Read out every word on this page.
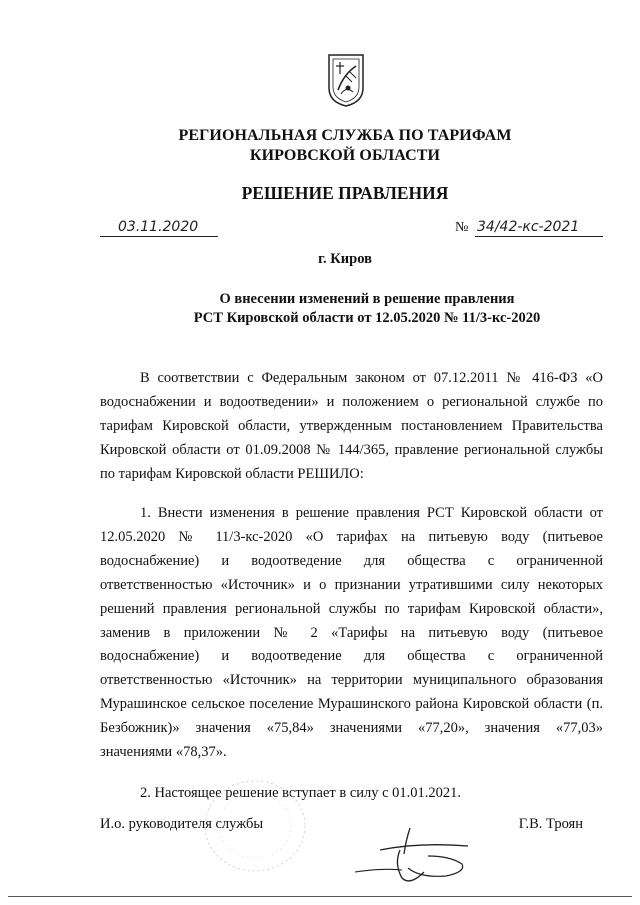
РЕГИОНАЛЬНАЯ СЛУЖБА ПО ТАРИФАМ
КИРОВСКОЙ ОБЛАСТИ
РЕШЕНИЕ ПРАВЛЕНИЯ
03.11.2020	№ 34/42-кс-2021
г. Киров
О внесении изменений в решение правления
РСТ Кировской области от 12.05.2020 № 11/3-кс-2020

В соответствии с Федеральным законом от 07.12.2011 № 416-ФЗ «О водоснабжении и водоотведении» и положением о региональной службе по тарифам Кировской области, утвержденным постановлением Правительства Кировской области от 01.09.2008 № 144/365, правление региональной службы по тарифам Кировской области РЕШИЛО:

1. Внести изменения в решение правления РСТ Кировской области от 12.05.2020 № 11/3-кс-2020 «О тарифах на питьевую воду (питьевое водоснабжение) и водоотведение для общества с ограниченной ответственностью «Источник» и о признании утратившими силу некоторых решений правления региональной службы по тарифам Кировской области», заменив в приложении № 2 «Тарифы на питьевую воду (питьевое водоснабжение) и водоотведение для общества с ограниченной ответственностью «Источник» на территории муниципального образования Мурашинское сельское поселение Мурашинского района Кировской области (п. Безбожник)» значения «75,84» значениями «77,20», значения «77,03» значениями «78,37».

2. Настоящее решение вступает в силу с 01.01.2021.

И.о. руководителя службы	Г.В. Троян
